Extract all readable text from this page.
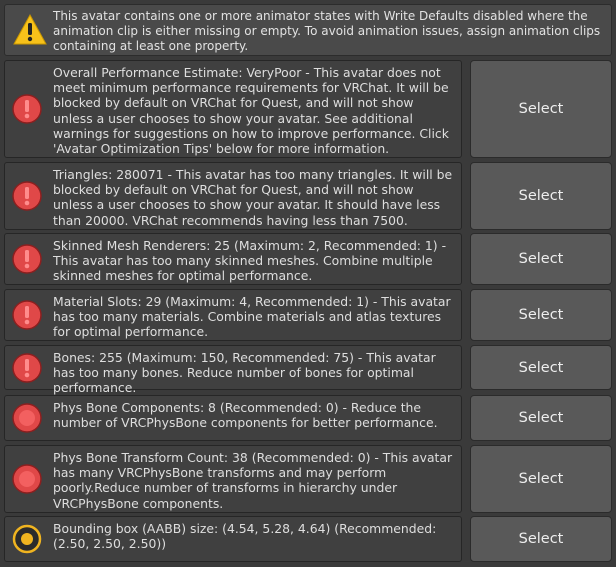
This avatar contains one or more animator states with Write Defaults disabled where the animation clip is either missing or empty. To avoid animation issues, assign animation clips containing at least one property.
Overall Performance Estimate: VeryPoor - This avatar does not meet minimum performance requirements for VRChat. It will be blocked by default on VRChat for Quest, and will not show unless a user chooses to show your avatar. See additional warnings for suggestions on how to improve performance. Click 'Avatar Optimization Tips' below for more information.
Select
Triangles: 280071 - This avatar has too many triangles. It will be blocked by default on VRChat for Quest, and will not show unless a user chooses to show your avatar. It should have less than 20000. VRChat recommends having less than 7500.
Select
Skinned Mesh Renderers: 25 (Maximum: 2, Recommended: 1) - This avatar has too many skinned meshes. Combine multiple skinned meshes for optimal performance.
Select
Material Slots: 29 (Maximum: 4, Recommended: 1) - This avatar has too many materials. Combine materials and atlas textures for optimal performance.
Select
Bones: 255 (Maximum: 150, Recommended: 75) - This avatar has too many bones. Reduce number of bones for optimal performance.
Select
Phys Bone Components: 8 (Recommended: 0) - Reduce the number of VRCPhysBone components for better performance.	Select
Phys Bone Transform Count: 38 (Recommended: 0) - This avatar has many VRCPhysBone transforms and may perform poorly.Reduce number of transforms in hierarchy under VRCPhysBone components.
Select
Bounding box (AABB) size: (4.54, 5.28, 4.64) (Recommended: (2.50, 2.50, 2.50))	Select
